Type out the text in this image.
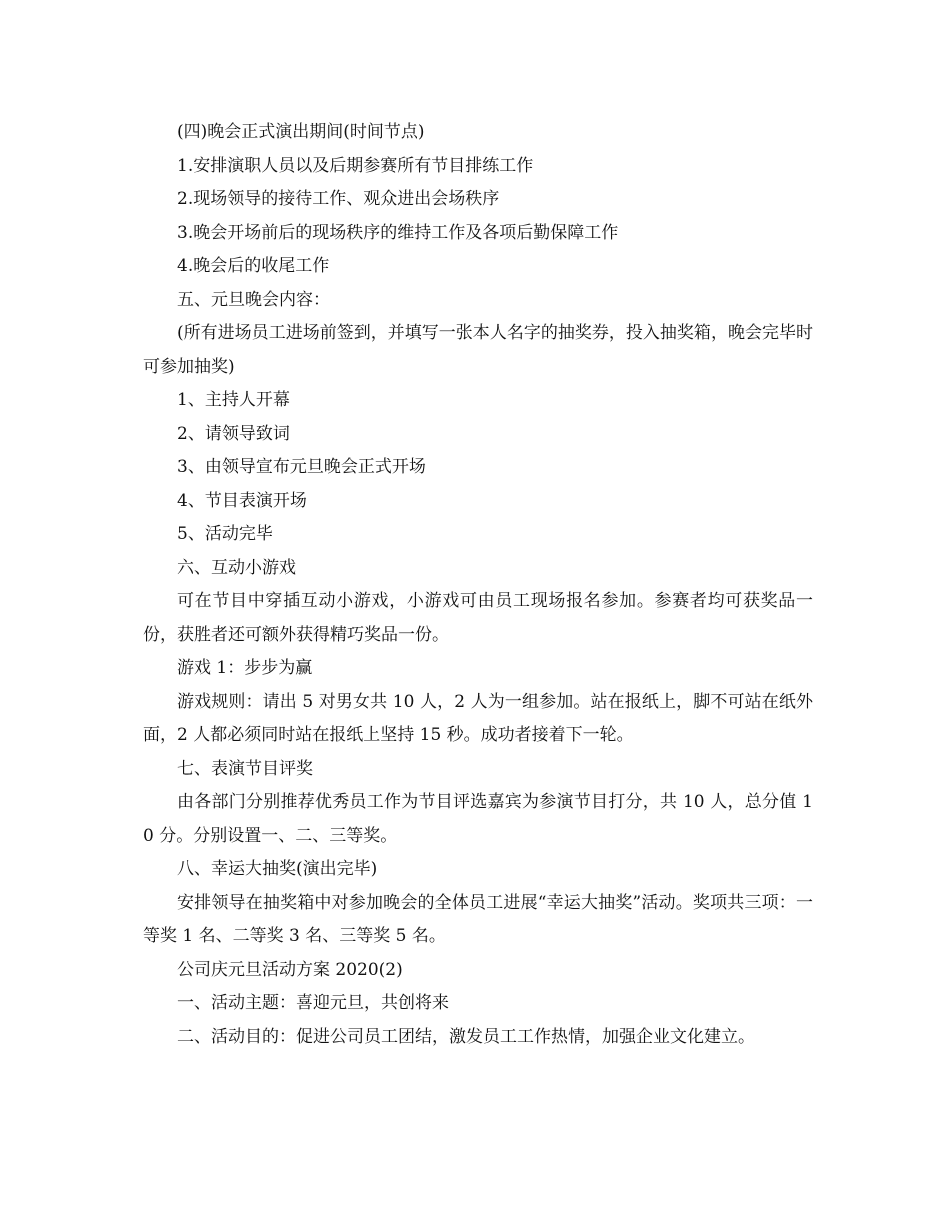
(四)晚会正式演出期间(时间节点)

1.安排演职人员以及后期参赛所有节目排练工作

2.现场领导的接待工作、观众进出会场秩序

3.晚会开场前后的现场秩序的维持工作及各项后勤保障工作

4.晚会后的收尾工作

五、元旦晚会内容：

(所有进场员工进场前签到，并填写一张本人名字的抽奖券，投入抽奖箱，晚会完毕时可参加抽奖)

1、主持人开幕

2、请领导致词

3、由领导宣布元旦晚会正式开场

4、节目表演开场

5、活动完毕

六、互动小游戏

可在节目中穿插互动小游戏，小游戏可由员工现场报名参加。参赛者均可获奖品一份，获胜者还可额外获得精巧奖品一份。

游戏 1：步步为赢

游戏规则：请出 5 对男女共 10 人，2 人为一组参加。站在报纸上，脚不可站在纸外面，2 人都必须同时站在报纸上坚持 15 秒。成功者接着下一轮。

七、表演节目评奖

由各部门分别推荐优秀员工作为节目评选嘉宾为参演节目打分，共 10 人，总分值 10 分。分别设置一、二、三等奖。

八、幸运大抽奖(演出完毕)

安排领导在抽奖箱中对参加晚会的全体员工进展“幸运大抽奖”活动。奖项共三项：一等奖 1 名、二等奖 3 名、三等奖 5 名。

公司庆元旦活动方案 2020(2)

一、活动主题：喜迎元旦，共创将来

二、活动目的：促进公司员工团结，激发员工工作热情，加强企业文化建立。
